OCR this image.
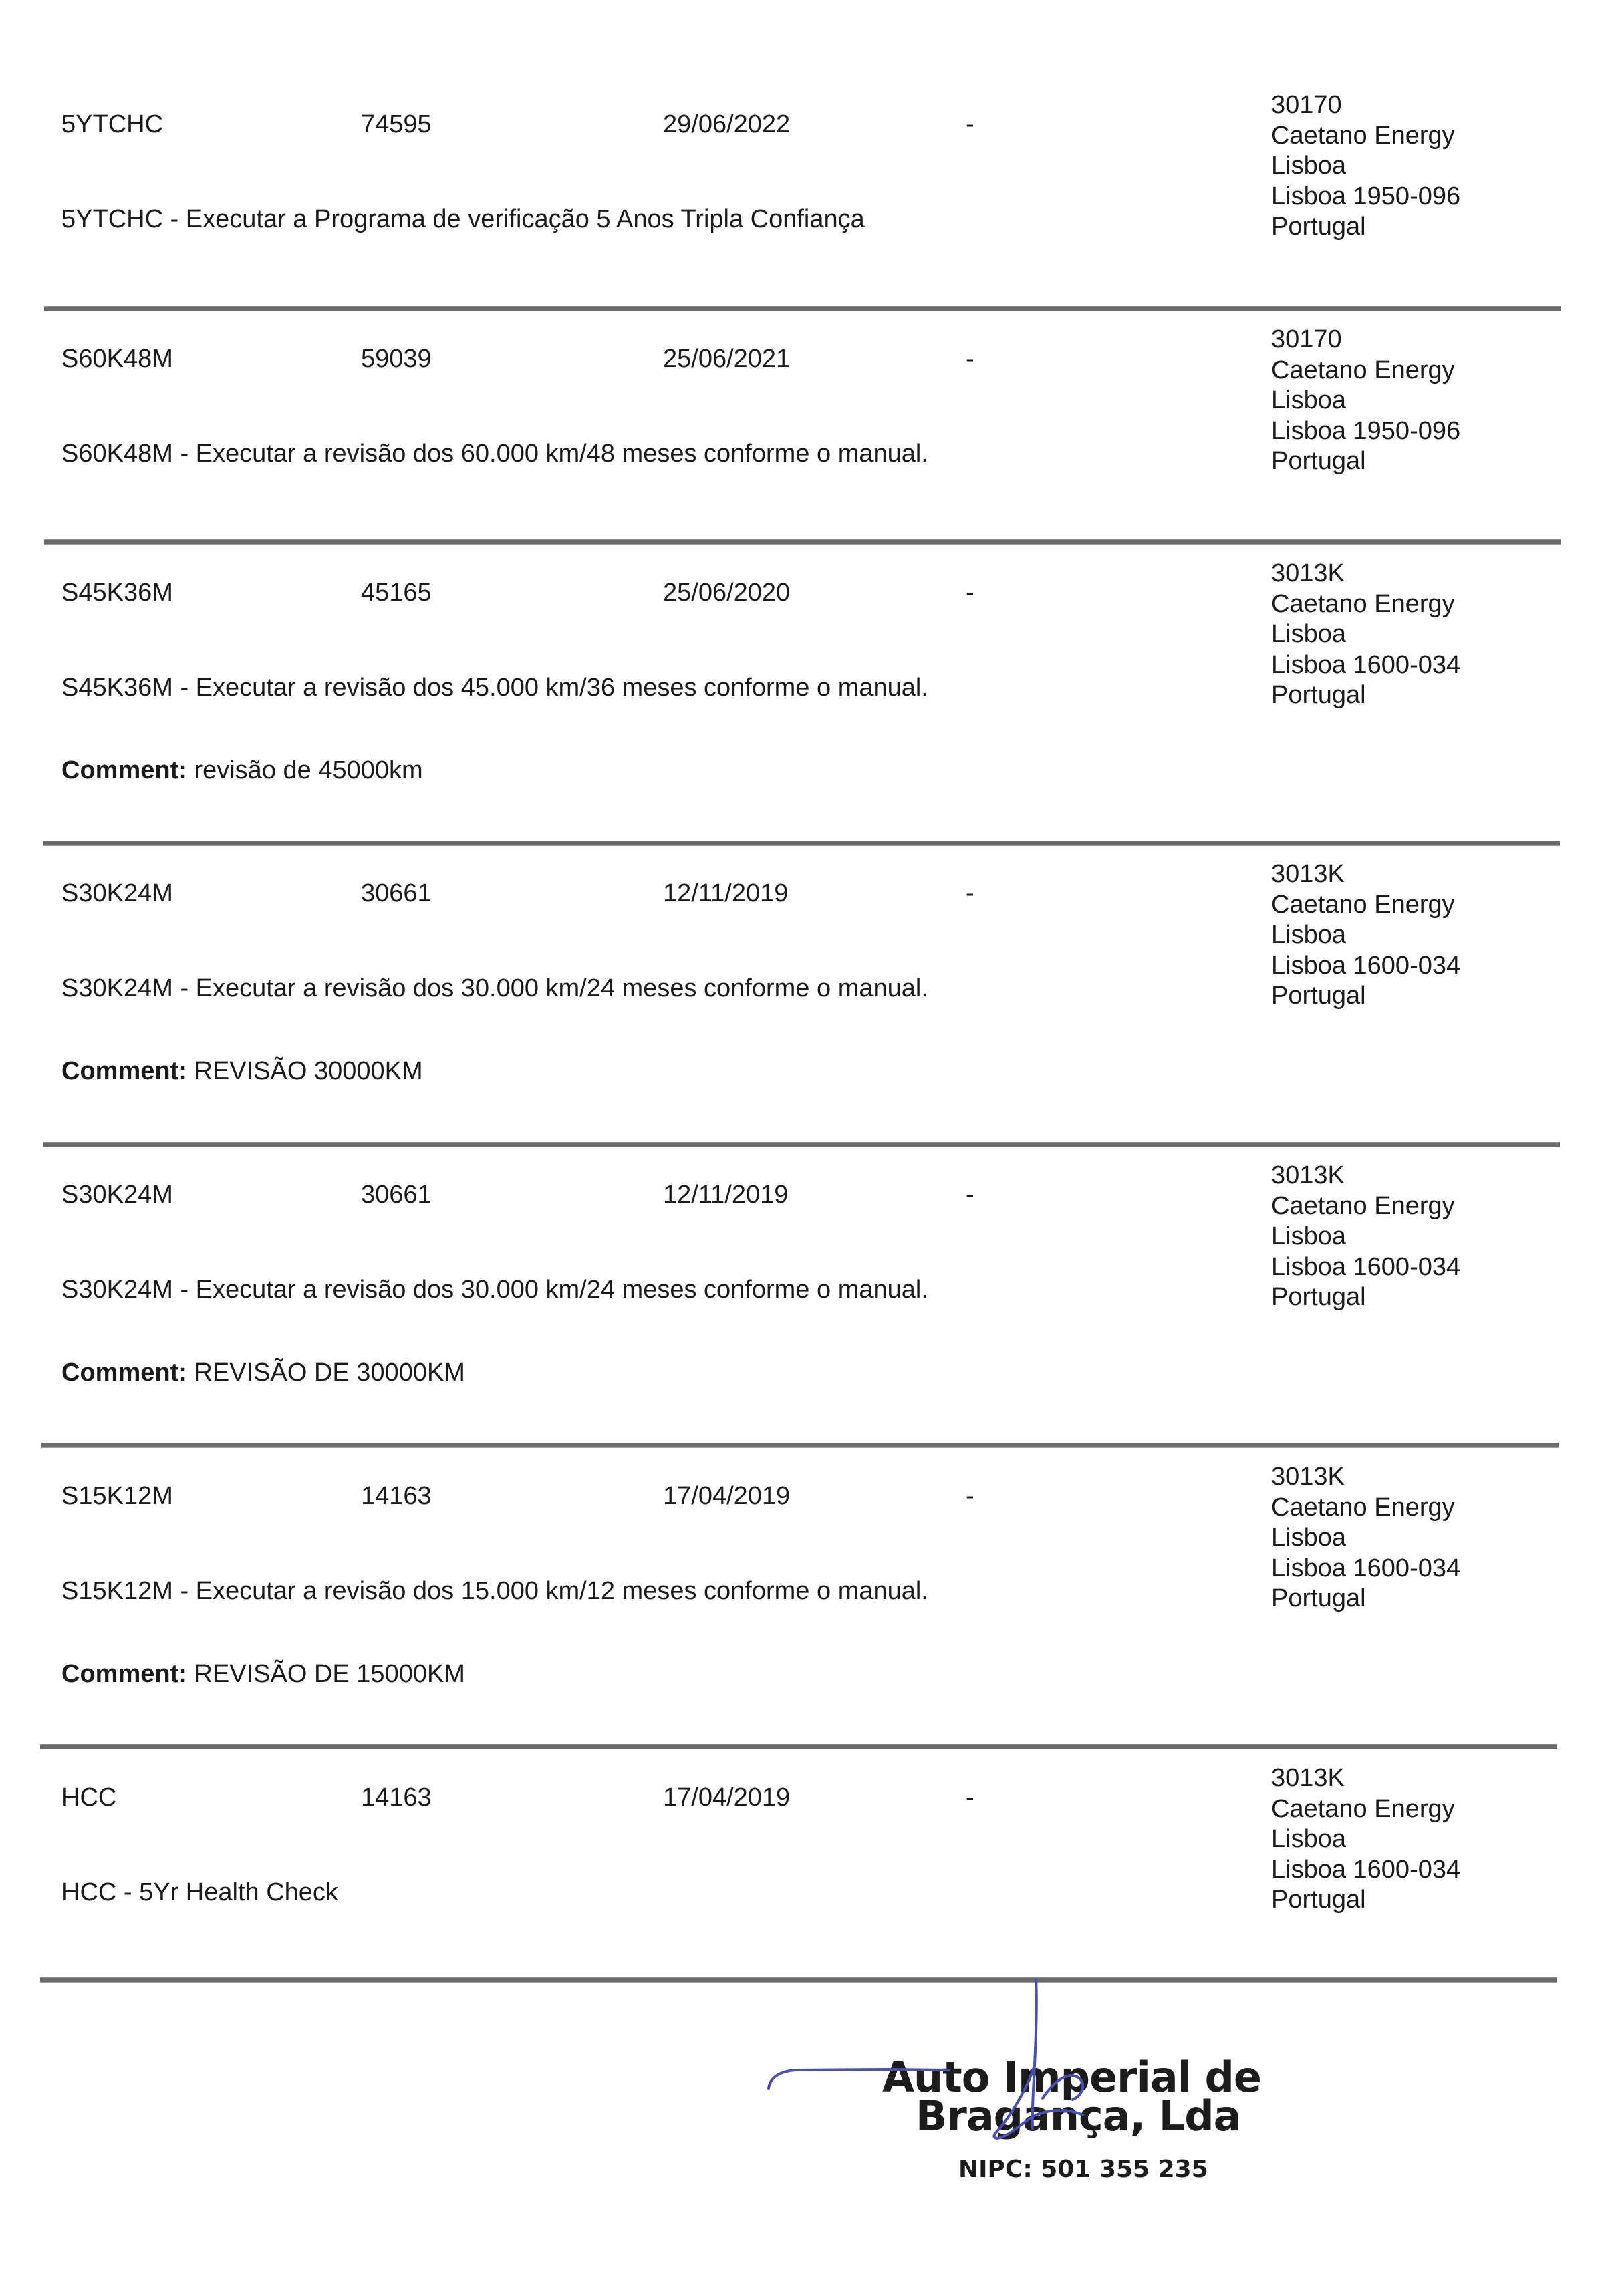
5YTCHC	74595	29/06/2022	-
5YTCHC - Executar a Programa de verificação 5 Anos Tripla Confiança
30170
Caetano Energy
Lisboa
Lisboa 1950-096
Portugal
S60K48M	59039	25/06/2021	-
S60K48M - Executar a revisão dos 60.000 km/48 meses conforme o manual.
30170
Caetano Energy
Lisboa
Lisboa 1950-096
Portugal
S45K36M	45165	25/06/2020	-
S45K36M - Executar a revisão dos 45.000 km/36 meses conforme o manual.
Comment: revisão de 45000km
3013K
Caetano Energy
Lisboa
Lisboa 1600-034
Portugal
S30K24M	30661	12/11/2019	-
S30K24M - Executar a revisão dos 30.000 km/24 meses conforme o manual.
Comment: REVISÃO 30000KM
3013K
Caetano Energy
Lisboa
Lisboa 1600-034
Portugal
S30K24M	30661	12/11/2019	-
S30K24M - Executar a revisão dos 30.000 km/24 meses conforme o manual.
Comment: REVISÃO DE 30000KM
3013K
Caetano Energy
Lisboa
Lisboa 1600-034
Portugal
S15K12M	14163	17/04/2019	-
S15K12M - Executar a revisão dos 15.000 km/12 meses conforme o manual.
Comment: REVISÃO DE 15000KM
3013K
Caetano Energy
Lisboa
Lisboa 1600-034
Portugal
HCC	14163	17/04/2019	-
HCC - 5Yr Health Check
3013K
Caetano Energy
Lisboa
Lisboa 1600-034
Portugal
Auto Imperial de
Bragança, Lda
NIPC: 501 355 235
